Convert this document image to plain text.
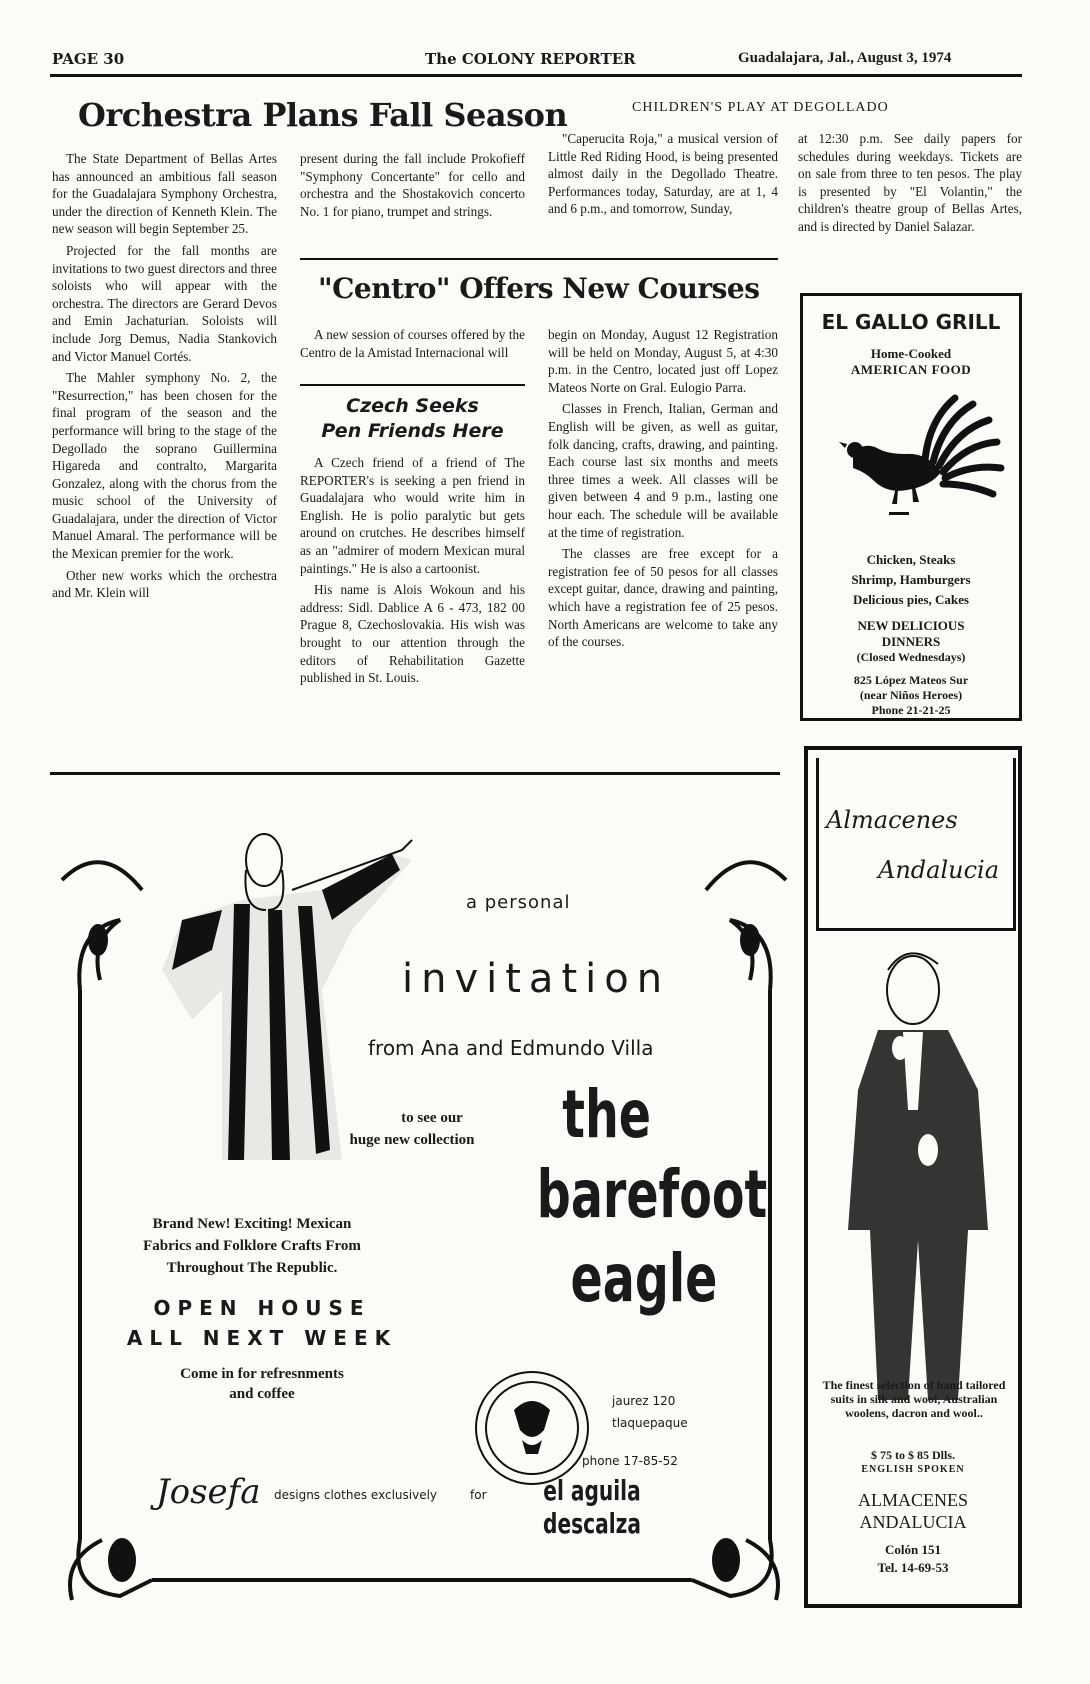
PAGE 30	The COLONY REPORTER	Guadalajara, Jal., August 3, 1974
Orchestra Plans Fall Season

The State Department of Bellas Artes has announced an ambitious fall season for the Guadalajara Symphony Orchestra, under the direction of Kenneth Klein. The new season will begin September 25.

Projected for the fall months are invitations to two guest directors and three soloists who will appear with the orchestra. The directors are Gerard Devos and Emin Jachaturian. Soloists will include Jorg Demus, Nadia Stankovich and Victor Manuel Cortés.

The Mahler symphony No. 2, the "Resurrection," has been chosen for the final program of the season and the performance will bring to the stage of the Degollado the soprano Guillermina Higareda and contralto, Margarita Gonzalez, along with the chorus from the music school of the University of Guadalajara, under the direction of Victor Manuel Amaral. The performance will be the Mexican premier for the work.

Other new works which the orchestra and Mr. Klein will

present during the fall include Prokofieff "Symphony Concertante" for cello and orchestra and the Shostakovich concerto No. 1 for piano, trumpet and strings.

CHILDREN'S PLAY AT DEGOLLADO

"Caperucita Roja," a musical version of Little Red Riding Hood, is being presented almost daily in the Degollado Theatre. Performances today, Saturday, are at 1, 4 and 6 p.m., and tomorrow, Sunday,

at 12:30 p.m. See daily papers for schedules during weekdays. Tickets are on sale from three to ten pesos. The play is presented by "El Volantin," the children's theatre group of Bellas Artes, and is directed by Daniel Salazar.

"Centro" Offers New Courses

A new session of courses offered by the Centro de la Amistad Internacional will

Czech Seeks
Pen Friends Here

A Czech friend of a friend of The REPORTER's is seeking a pen friend in Guadalajara who would write him in English. He is polio paralytic but gets around on crutches. He describes himself as an "admirer of modern Mexican mural paintings." He is also a cartoonist.

His name is Alois Wokoun and his address: Sidl. Dablice A 6 - 473, 182 00 Prague 8, Czechoslovakia. His wish was brought to our attention through the editors of Rehabilitation Gazette published in St. Louis.

begin on Monday, August 12 Registration will be held on Monday, August 5, at 4:30 p.m. in the Centro, located just off Lopez Mateos Norte on Gral. Eulogio Parra.

Classes in French, Italian, German and English will be given, as well as guitar, folk dancing, crafts, drawing, and painting. Each course last six months and meets three times a week. All classes will be given between 4 and 9 p.m., lasting one hour each. The schedule will be available at the time of registration.

The classes are free except for a registration fee of 50 pesos for all classes except guitar, dance, drawing and painting, which have a registration fee of 25 pesos. North Americans are welcome to take any of the courses.

EL GALLO GRILL
Home-Cooked
AMERICAN FOOD
Chicken, Steaks
Shrimp, Hamburgers
Delicious pies, Cakes
NEW DELICIOUS
DINNERS
(Closed Wednesdays)
825 López Mateos Sur
(near Niños Heroes)
Phone 21-21-25
a personal
invitation
from Ana and Edmundo Villa
to see our
huge new collection	the
barefoot
eagle
Brand New! Exciting! Mexican
Fabrics and Folklore Crafts From
Throughout The Republic.
OPEN HOUSE
ALL NEXT WEEK
Come in for refresnments
and coffee	jaurez 120
tlaquepaque
phone 17-85-52
Josefa designs clothes exclusively	for	el aguila descalza
Almacenes
Andalucia
The finest selection of hand tailored suits in silk and wool, Australian woolens, dacron and wool..
$ 75 to $ 85 Dlls.
ENGLISH SPOKEN
ALMACENES
ANDALUCIA
Colón 151
Tel. 14-69-53
